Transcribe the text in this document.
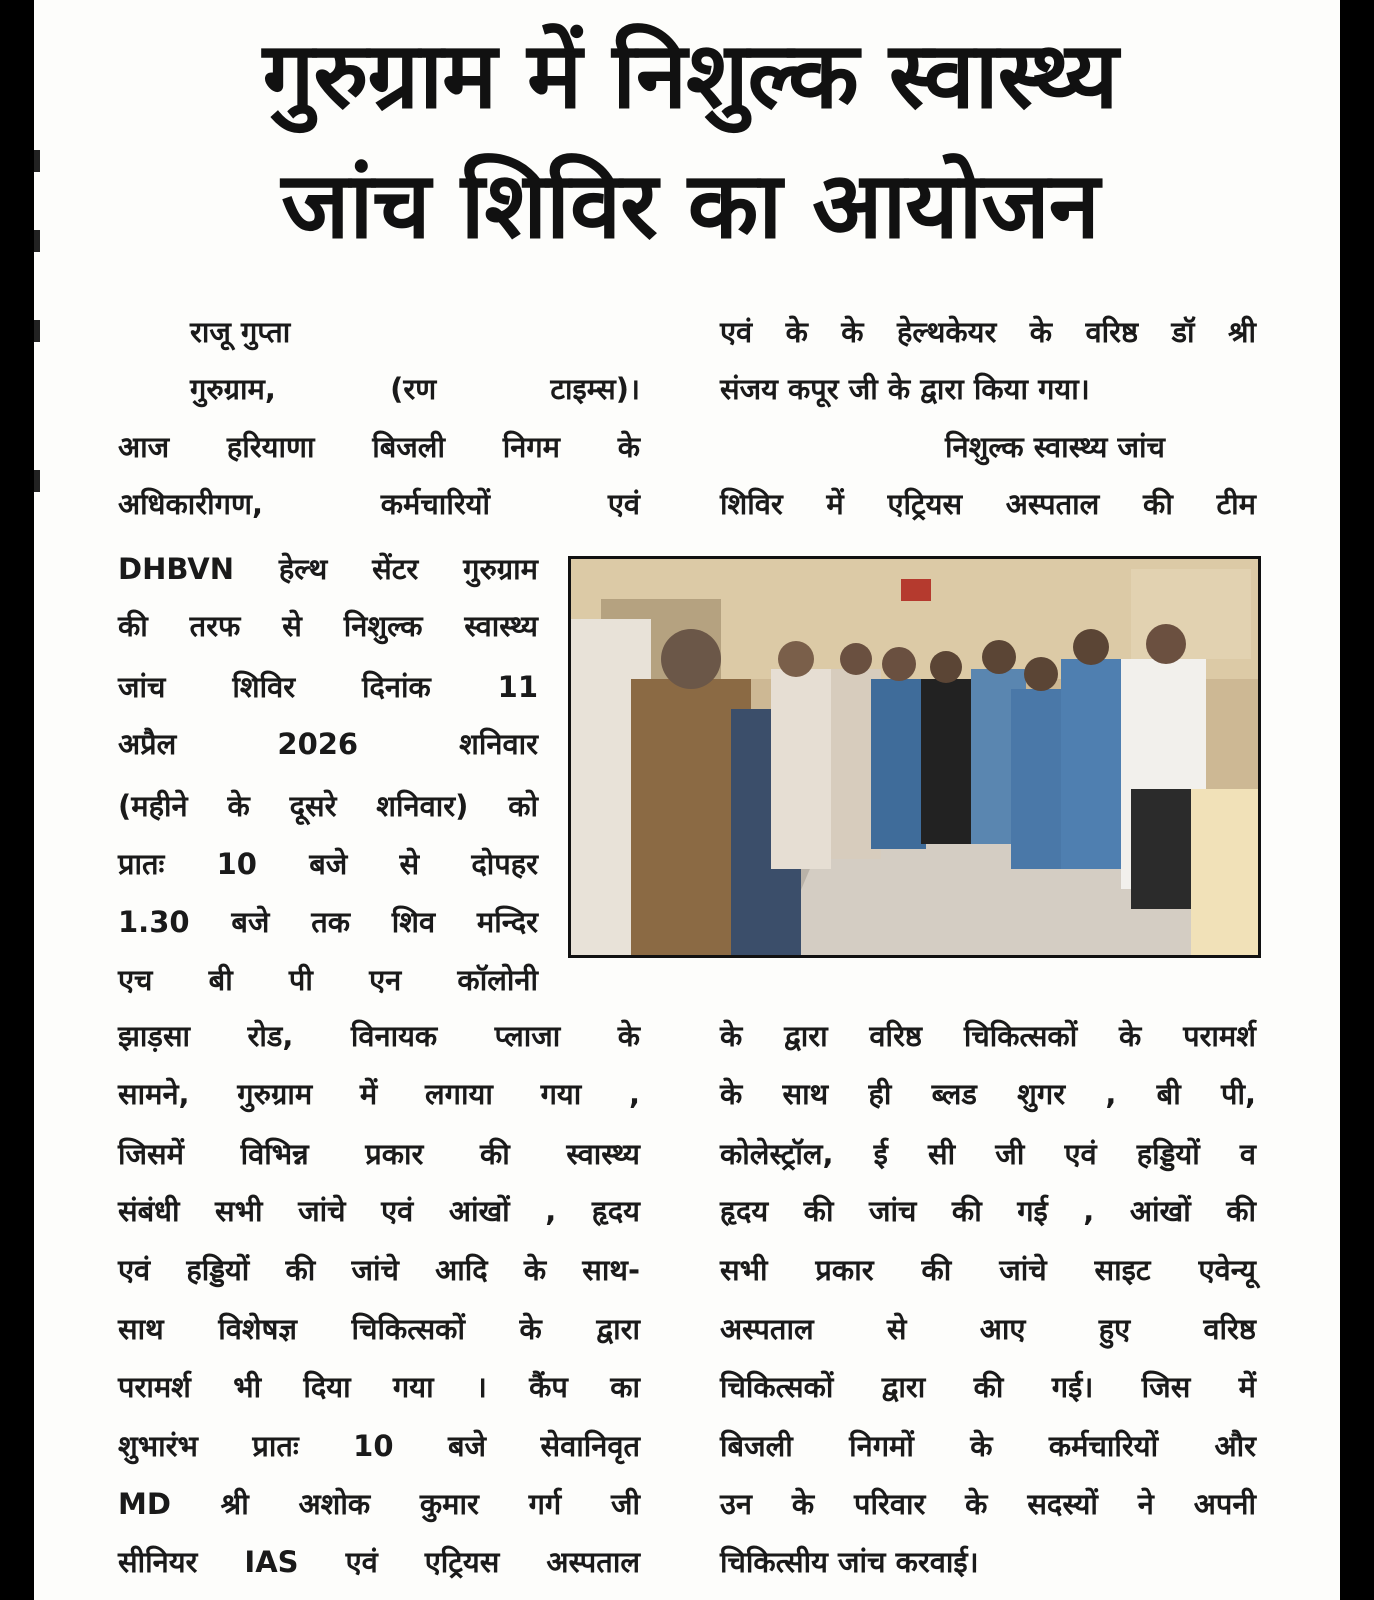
गुरुग्राम में निशुल्क स्वास्थ्य
जांच शिविर का आयोजन
राजू गुप्ता
गुरुग्राम, (रण टाइम्स)।
आज हरियाणा बिजली निगम के
अधिकारीगण, कर्मचारियों एवं
DHBVN हेल्थ सेंटर गुरुग्राम
की तरफ से निशुल्क स्वास्थ्य
जांच शिविर दिनांक 11
अप्रैल 2026 शनिवार
(महीने के दूसरे शनिवार) को
प्रातः 10 बजे से दोपहर
1.30 बजे तक शिव मन्दिर
एच बी पी एन कॉलोनी
झाड़सा रोड, विनायक प्लाजा के
सामने, गुरुग्राम में लगाया गया ,
जिसमें विभिन्न प्रकार की स्वास्थ्य
संबंधी सभी जांचे एवं आंखों , हृदय
एवं हड्डियों की जांचे आदि के साथ-
साथ विशेषज्ञ चिकित्सकों के द्वारा
परामर्श भी दिया गया । कैंप का
शुभारंभ प्रातः 10 बजे सेवानिवृत
MD श्री अशोक कुमार गर्ग जी
सीनियर IAS एवं एट्रियस अस्पताल
एवं के के हेल्थकेयर के वरिष्ठ डॉ श्री
संजय कपूर जी के द्वारा किया गया।
निशुल्क स्वास्थ्य जांच
शिविर में एट्रियस अस्पताल की टीम
के द्वारा वरिष्ठ चिकित्सकों के परामर्श
के साथ ही ब्लड शुगर , बी पी,
कोलेस्ट्रॉल, ई सी जी एवं हड्डियों व
हृदय की जांच की गई , आंखों की
सभी प्रकार की जांचे साइट एवेन्यू
अस्पताल से आए हुए वरिष्ठ
चिकित्सकों द्वारा की गई। जिस में
बिजली निगमों के कर्मचारियों और
उन के परिवार के सदस्यों ने अपनी
चिकित्सीय जांच करवाई।
